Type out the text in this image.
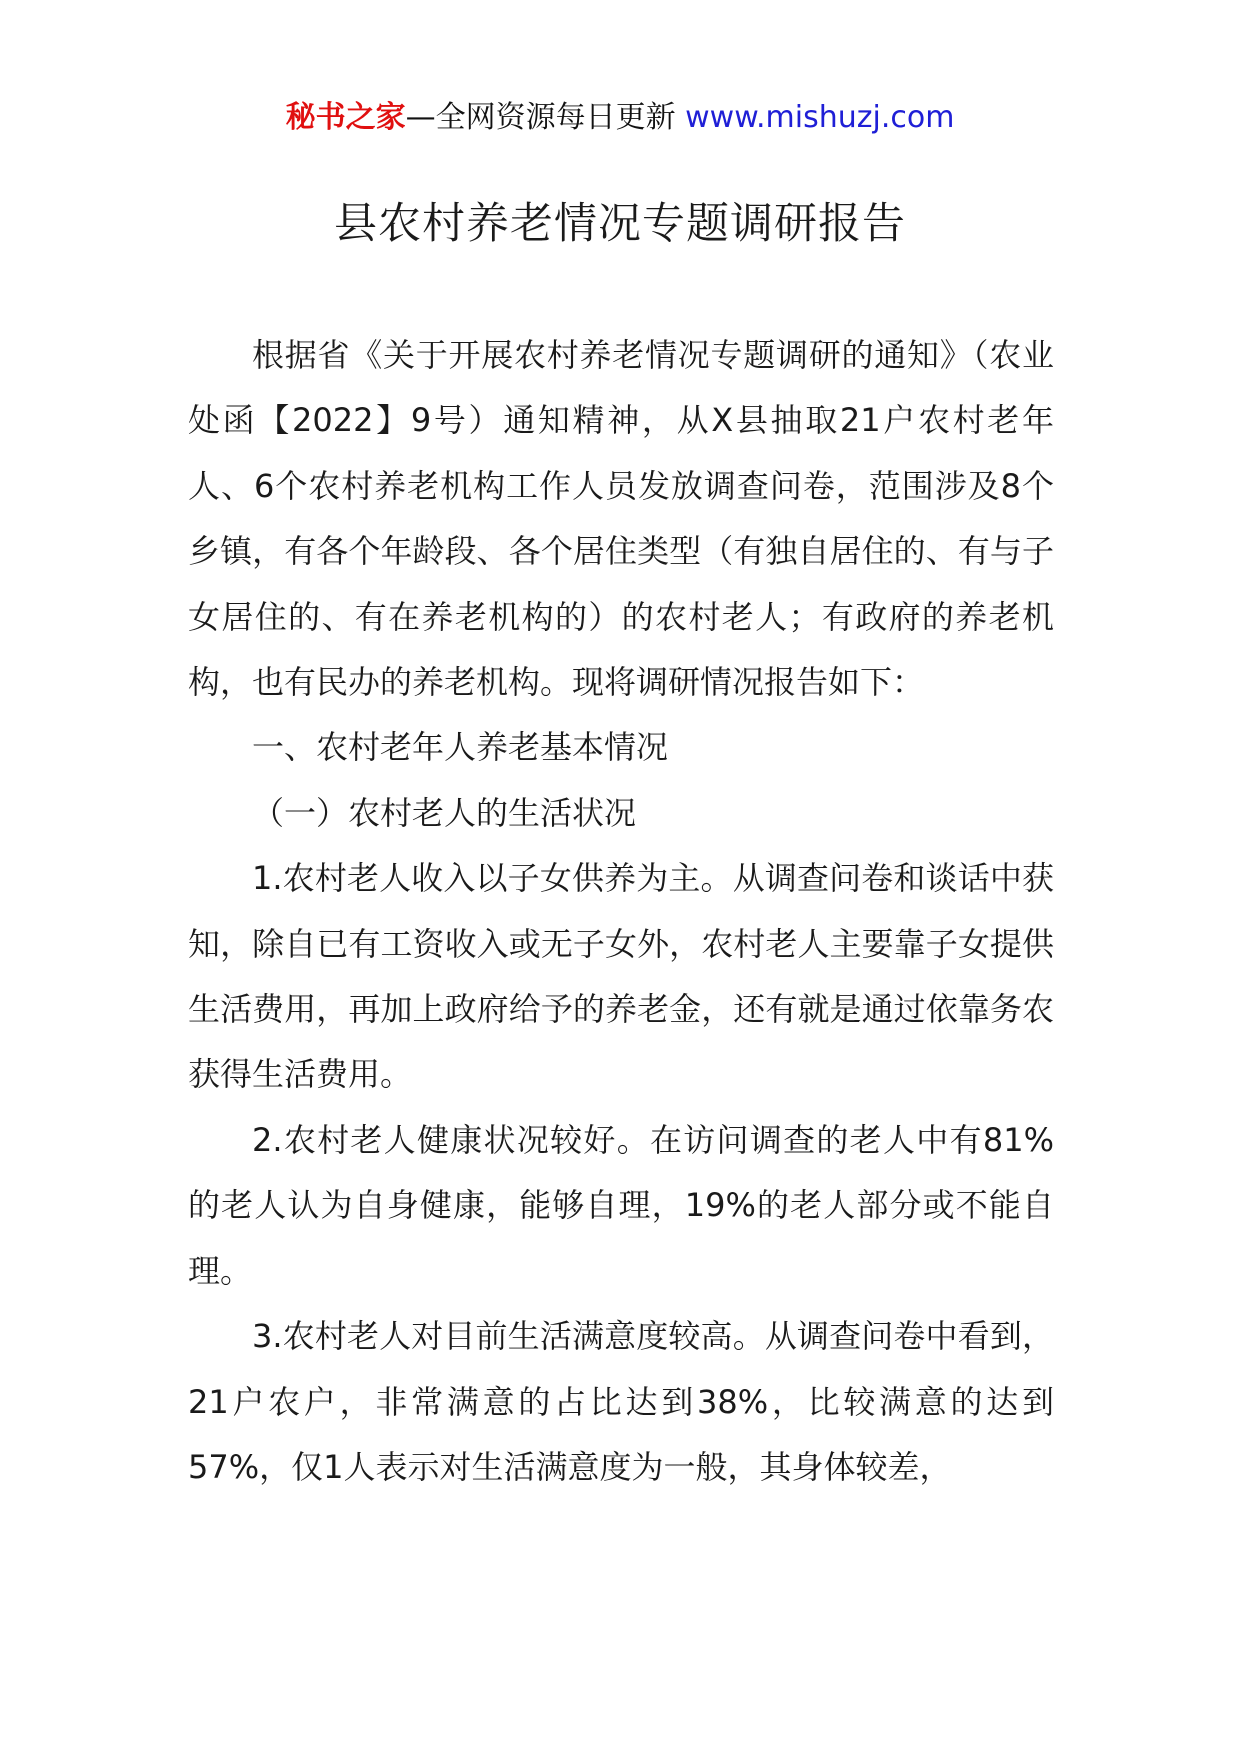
秘书之家—全网资源每日更新 www.mishuzj.com
县农村养老情况专题调研报告

根据省《关于开展农村养老情况专题调研的通知》（农业处函【2022】9号）通知精神，从X县抽取21户农村老年人、6个农村养老机构工作人员发放调查问卷，范围涉及8个乡镇，有各个年龄段、各个居住类型（有独自居住的、有与子女居住的、有在养老机构的）的农村老人；有政府的养老机构，也有民办的养老机构。现将调研情况报告如下：

一、农村老年人养老基本情况

（一）农村老人的生活状况

1.农村老人收入以子女供养为主。从调查问卷和谈话中获知，除自已有工资收入或无子女外，农村老人主要靠子女提供生活费用，再加上政府给予的养老金，还有就是通过依靠务农获得生活费用。

2.农村老人健康状况较好。在访问调查的老人中有81%的老人认为自身健康，能够自理，19%的老人部分或不能自理。

3.农村老人对目前生活满意度较高。从调查问卷中看到，21户农户，非常满意的占比达到38%，比较满意的达到57%，仅1人表示对生活满意度为一般，其身体较差，
